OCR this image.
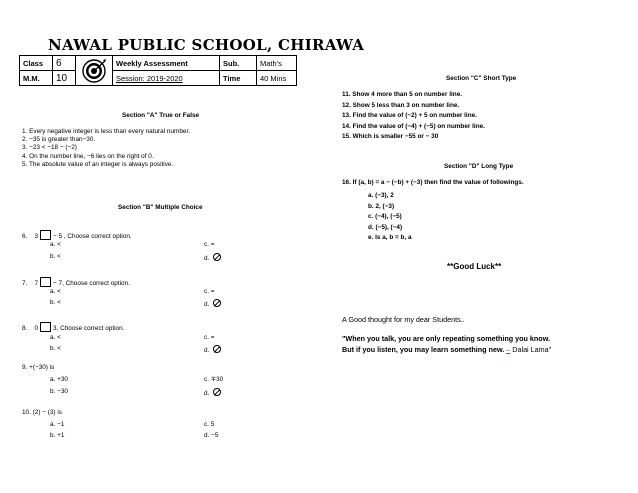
NAWAL PUBLIC SCHOOL, CHIRAWA
Class	6		Weekly Assessment	Sub.	Math's
M.M.	10		Session: 2019-2020	Time	40 Mins
Section "A" True or False
1. Every negative integer is less than every natural number.
2. −35 is greater than−30.
3. −23 < −18 − (−2)
4. On the number line, −6 lies on the right of 0.
5. The absolute value of an integer is always positive.
Section "B" Multiple Choice
6. 3 − 5 , Choose correct option.
a. <
b. <
c. =
d.
7. 7 − 7, Choose correct option.
a. <
b. <
c. =
d.
8. 0 3, Choose correct option.
a. <
b. <
c. =
d.
9. +(−30) is
a. +30
b. −30
c. ∓30
d.
10. (2) − (3) is
a. −1
b. +1
c. 5
d. −5
Section "C" Short Type
11. Show 4 more than 5 on number line.
12. Show 5 less than 3 on number line.
13. Find the value of (−2) + 5 on number line.
14. Find the value of (−4) + (−5) on number line.
15. Which is smaller −55 or − 30
Section "D" Long Type
16. If (a, b) = a − (−b) + (−3) then find the value of followings.
a. (−3), 2
b. 2, (−3)
c. (−4), (−5)
d. (−5), (−4)
e. Is a, b = b, a
**Good Luck**
A Good thought for my dear Students..
"When you talk, you are only repeating something you know.
But if you listen, you may learn something new. – Dalai Lama"
